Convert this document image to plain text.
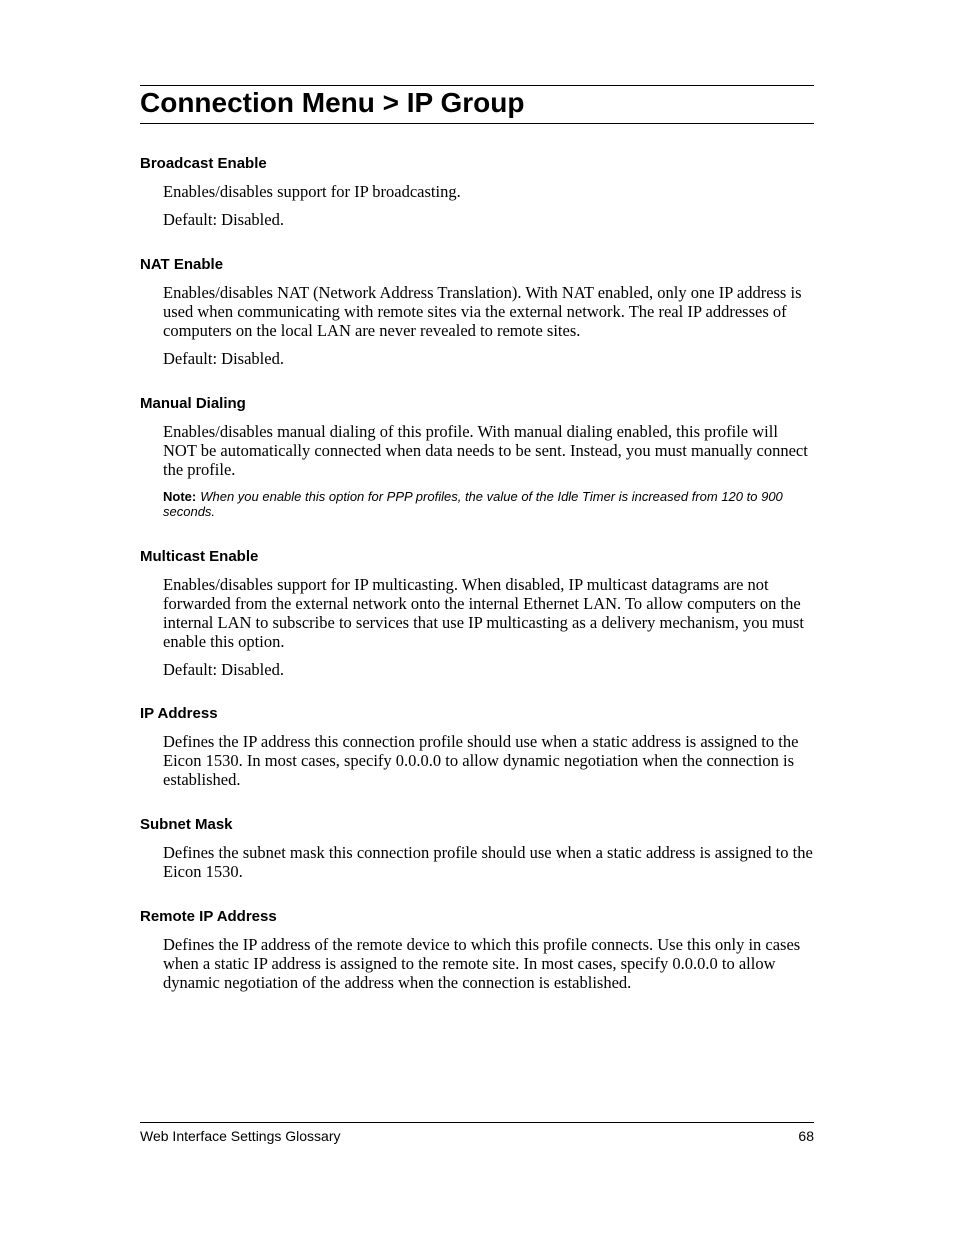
Connection Menu > IP Group
Broadcast Enable

Enables/disables support for IP broadcasting.

Default: Disabled.

NAT Enable

Enables/disables NAT (Network Address Translation). With NAT enabled, only one IP address is used when communicating with remote sites via the external network. The real IP addresses of computers on the local LAN are never revealed to remote sites.

Default: Disabled.

Manual Dialing

Enables/disables manual dialing of this profile. With manual dialing enabled, this profile will NOT be automatically connected when data needs to be sent. Instead, you must manually connect the profile.

Note: When you enable this option for PPP profiles, the value of the Idle Timer is increased from 120 to 900 seconds.

Multicast Enable

Enables/disables support for IP multicasting. When disabled, IP multicast datagrams are not forwarded from the external network onto the internal Ethernet LAN. To allow computers on the internal LAN to subscribe to services that use IP multicasting as a delivery mechanism, you must enable this option.

Default: Disabled.

IP Address

Defines the IP address this connection profile should use when a static address is assigned to the Eicon 1530. In most cases, specify 0.0.0.0 to allow dynamic negotiation when the connection is established.

Subnet Mask

Defines the subnet mask this connection profile should use when a static address is assigned to the Eicon 1530.

Remote IP Address

Defines the IP address of the remote device to which this profile connects. Use this only in cases when a static IP address is assigned to the remote site. In most cases, specify 0.0.0.0 to allow dynamic negotiation of the address when the connection is established.

Web Interface Settings Glossary	68
